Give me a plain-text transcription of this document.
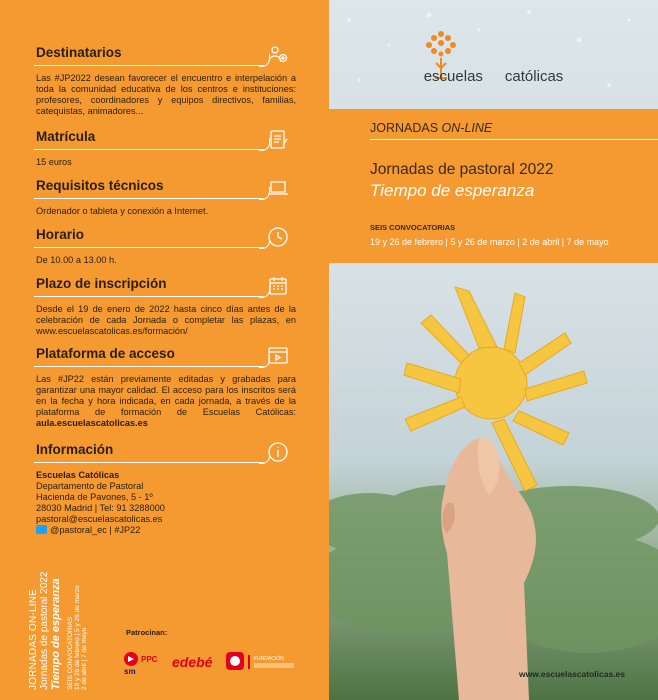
Destinatarios
Las #JP2022 desean favorecer el encuentro e interpelación a toda la comunidad educativa de los centros e instituciones: profesores, coordinadores y equipos directivos, familias, catequistas, animadores...
Matrícula
15 euros
Requisitos técnicos
Ordenador o tableta y conexión a Internet.
Horario
De 10.00 a 13.00 h.
Plazo de inscripción
Desde el 19 de enero de 2022 hasta cinco días antes de la celebración de cada Jornada o completar las plazas, en www.escuelascatolicas.es/formación/
Plataforma de acceso
Las #JP22 están previamente editadas y grabadas para garantizar una mayor calidad. El acceso para los inscritos será en la fecha y hora indicada, en cada jornada, a través de la plataforma de formación de Escuelas Católicas: aula.escuelascatolicas.es
Información
Escuelas Católicas
Departamento de Pastoral
Hacienda de Pavones, 5 - 1º
28030 Madrid | Tel: 91 3288000
pastoral@escuelascatolicas.es
@pastoral_ec | #JP22
JORNADAS ON-LINE Jornadas de pastoral 2022 Tiempo de esperanza SEIS CONVOCATORIAS 19 y 26 de febrero | 5 y 26 de marzo 2 de abril | 7 de mayo	Patrocinan:
sm
PPC edebé	FUNDACIÓN
escuelas católicas
JORNADAS ON-LINE
Jornadas de pastoral 2022
Tiempo de esperanza
SEIS CONVOCATORIAS
19 y 26 de febrero | 5 y 26 de marzo | 2 de abril | 7 de mayo
www.escuelascatolicas.es
